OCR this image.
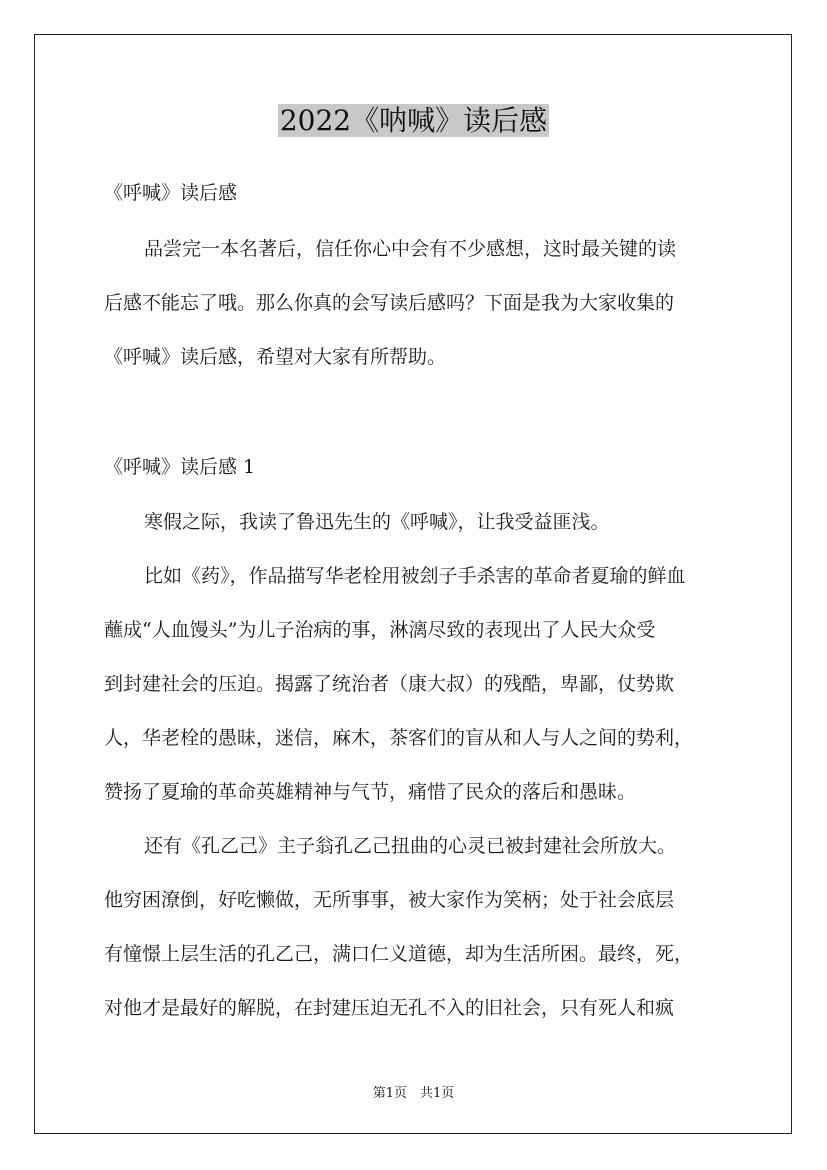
2022《呐喊》读后感

《呼喊》读后感

品尝完一本名著后，信任你心中会有不少感想，这时最关键的读

后感不能忘了哦。那么你真的会写读后感吗？下面是我为大家收集的

《呼喊》读后感，希望对大家有所帮助。

《呼喊》读后感 1

寒假之际，我读了鲁迅先生的《呼喊》，让我受益匪浅。

比如《药》，作品描写华老栓用被刽子手杀害的革命者夏瑜的鲜血

蘸成“人血馒头”为儿子治病的事，淋漓尽致的表现出了人民大众受

到封建社会的压迫。揭露了统治者（康大叔）的残酷，卑鄙，仗势欺

人，华老栓的愚昧，迷信，麻木，茶客们的盲从和人与人之间的势利，

赞扬了夏瑜的革命英雄精神与气节，痛惜了民众的落后和愚昧。

还有《孔乙己》主子翁孔乙己扭曲的心灵已被封建社会所放大。

他穷困潦倒，好吃懒做，无所事事，被大家作为笑柄；处于社会底层

有憧憬上层生活的孔乙己，满口仁义道德，却为生活所困。最终，死，

对他才是最好的解脱，在封建压迫无孔不入的旧社会，只有死人和疯

第1页　共1页
